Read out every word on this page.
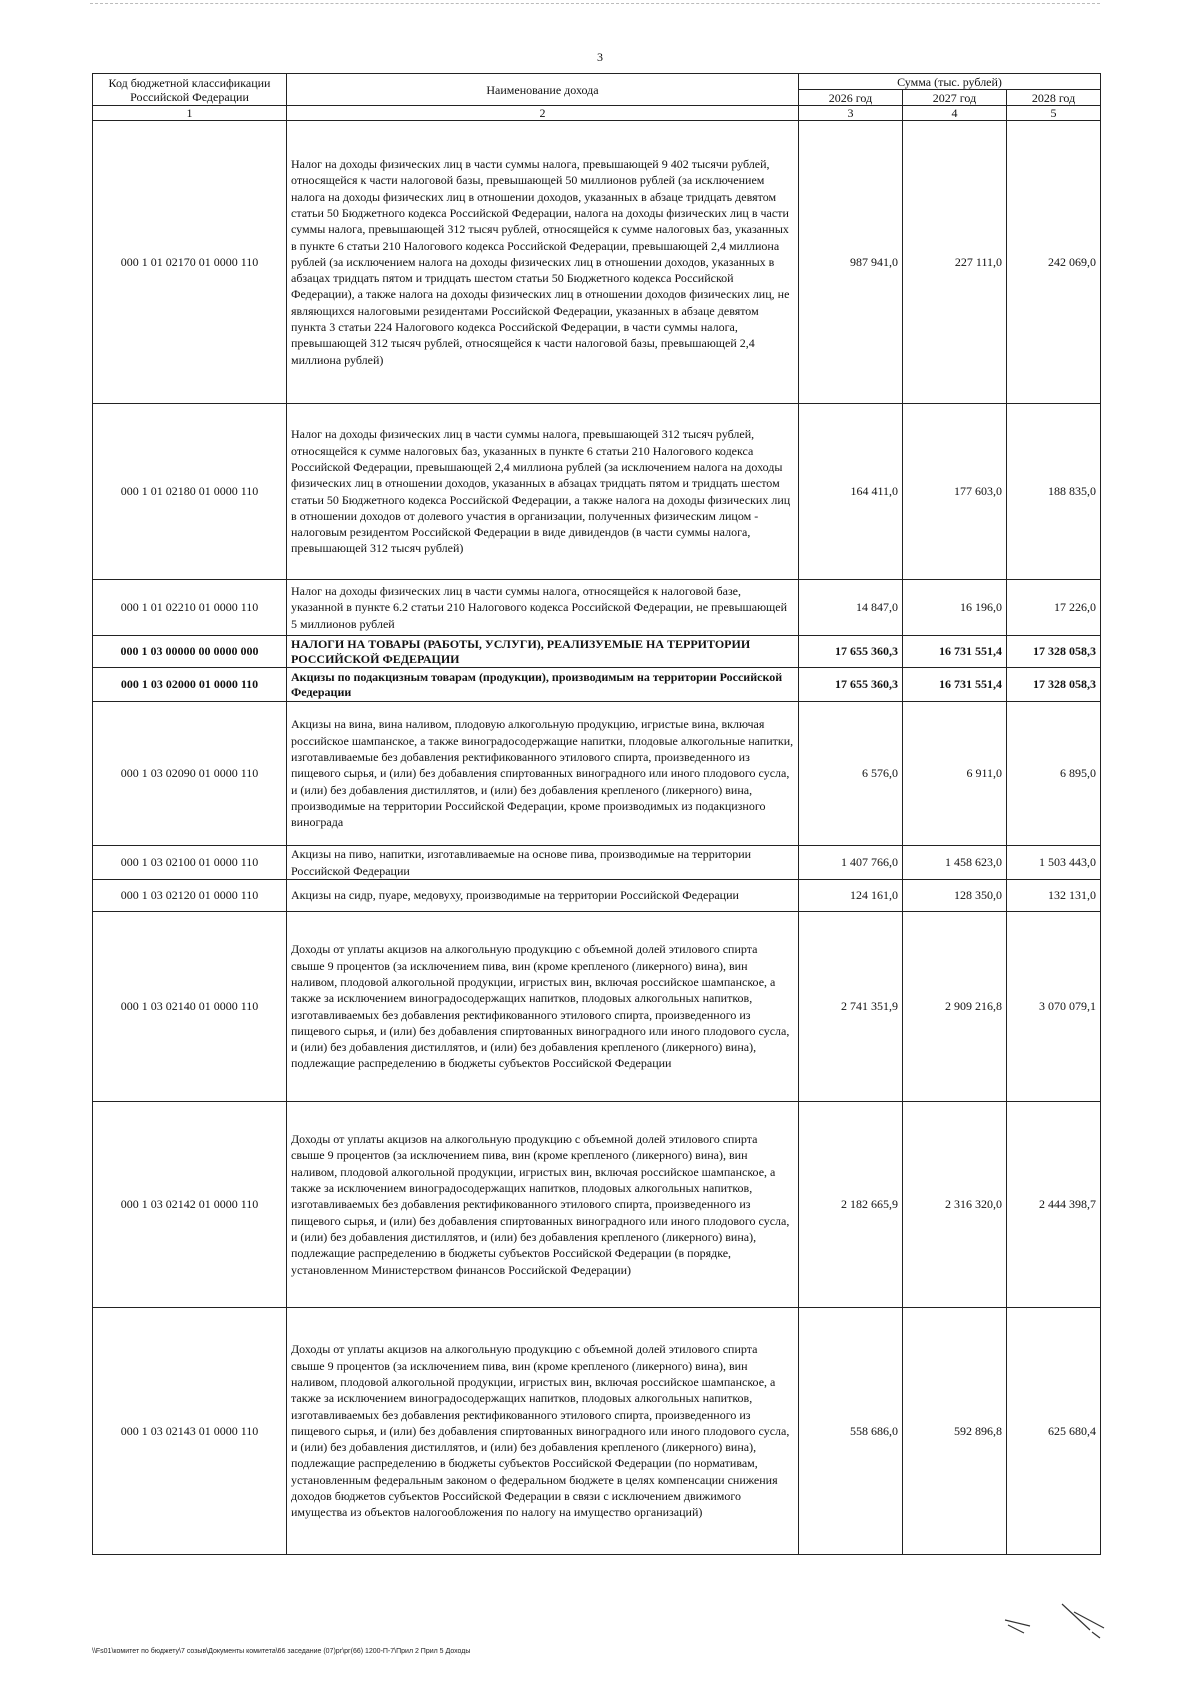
3
Код бюджетной классификации Российской Федерации	Наименование дохода	Сумма (тыс. рублей)		
		2026 год	2027 год	2028 год
1	2	3	4	5
000 1 01 02170 01 0000 110	Налог на доходы физических лиц в части суммы налога, превышающей 9 402 тысячи рублей, относящейся к части налоговой базы, превышающей 50 миллионов рублей (за исключением налога на доходы физических лиц в отношении доходов, указанных в абзаце тридцать девятом статьи 50 Бюджетного кодекса Российской Федерации, налога на доходы физических лиц в части суммы налога, превышающей 312 тысяч рублей, относящейся к сумме налоговых баз, указанных в пункте 6 статьи 210 Налогового кодекса Российской Федерации, превышающей 2,4 миллиона рублей (за исключением налога на доходы физических лиц в отношении доходов, указанных в абзацах тридцать пятом и тридцать шестом статьи 50 Бюджетного кодекса Российской Федерации), а также налога на доходы физических лиц в отношении доходов физических лиц, не являющихся налоговыми резидентами Российской Федерации, указанных в абзаце девятом пункта 3 статьи 224 Налогового кодекса Российской Федерации, в части суммы налога, превышающей 312 тысяч рублей, относящейся к части налоговой базы, превышающей 2,4 миллиона рублей)	987 941,0	227 111,0	242 069,0
000 1 01 02180 01 0000 110	Налог на доходы физических лиц в части суммы налога, превышающей 312 тысяч рублей, относящейся к сумме налоговых баз, указанных в пункте 6 статьи 210 Налогового кодекса Российской Федерации, превышающей 2,4 миллиона рублей (за исключением налога на доходы физических лиц в отношении доходов, указанных в абзацах тридцать пятом и тридцать шестом статьи 50 Бюджетного кодекса Российской Федерации, а также налога на доходы физических лиц в отношении доходов от долевого участия в организации, полученных физическим лицом - налоговым резидентом Российской Федерации в виде дивидендов (в части суммы налога, превышающей 312 тысяч рублей)	164 411,0	177 603,0	188 835,0
000 1 01 02210 01 0000 110	Налог на доходы физических лиц в части суммы налога, относящейся к налоговой базе, указанной в пункте 6.2 статьи 210 Налогового кодекса Российской Федерации, не превышающей 5 миллионов рублей	14 847,0	16 196,0	17 226,0
000 1 03 00000 00 0000 000	НАЛОГИ НА ТОВАРЫ (РАБОТЫ, УСЛУГИ), РЕАЛИЗУЕМЫЕ НА ТЕРРИТОРИИ РОССИЙСКОЙ ФЕДЕРАЦИИ	17 655 360,3	16 731 551,4	17 328 058,3
000 1 03 02000 01 0000 110	Акцизы по подакцизным товарам (продукции), производимым на территории Российской Федерации	17 655 360,3	16 731 551,4	17 328 058,3
000 1 03 02090 01 0000 110	Акцизы на вина, вина наливом, плодовую алкогольную продукцию, игристые вина, включая российское шампанское, а также виноградосодержащие напитки, плодовые алкогольные напитки, изготавливаемые без добавления ректификованного этилового спирта, произведенного из пищевого сырья, и (или) без добавления спиртованных виноградного или иного плодового сусла, и (или) без добавления дистиллятов, и (или) без добавления крепленого (ликерного) вина, производимые на территории Российской Федерации, кроме производимых из подакцизного винограда	6 576,0	6 911,0	6 895,0
000 1 03 02100 01 0000 110	Акцизы на пиво, напитки, изготавливаемые на основе пива, производимые на территории Российской Федерации	1 407 766,0	1 458 623,0	1 503 443,0
000 1 03 02120 01 0000 110	Акцизы на сидр, пуаре, медовуху, производимые на территории Российской Федерации	124 161,0	128 350,0	132 131,0
000 1 03 02140 01 0000 110	Доходы от уплаты акцизов на алкогольную продукцию с объемной долей этилового спирта свыше 9 процентов (за исключением пива, вин (кроме крепленого (ликерного) вина), вин наливом, плодовой алкогольной продукции, игристых вин, включая российское шампанское, а также за исключением виноградосодержащих напитков, плодовых алкогольных напитков, изготавливаемых без добавления ректификованного этилового спирта, произведенного из пищевого сырья, и (или) без добавления спиртованных виноградного или иного плодового сусла, и (или) без добавления дистиллятов, и (или) без добавления крепленого (ликерного) вина), подлежащие распределению в бюджеты субъектов Российской Федерации	2 741 351,9	2 909 216,8	3 070 079,1
000 1 03 02142 01 0000 110	Доходы от уплаты акцизов на алкогольную продукцию с объемной долей этилового спирта свыше 9 процентов (за исключением пива, вин (кроме крепленого (ликерного) вина), вин наливом, плодовой алкогольной продукции, игристых вин, включая российское шампанское, а также за исключением виноградосодержащих напитков, плодовых алкогольных напитков, изготавливаемых без добавления ректификованного этилового спирта, произведенного из пищевого сырья, и (или) без добавления спиртованных виноградного или иного плодового сусла, и (или) без добавления дистиллятов, и (или) без добавления крепленого (ликерного) вина), подлежащие распределению в бюджеты субъектов Российской Федерации (в порядке, установленном Министерством финансов Российской Федерации)	2 182 665,9	2 316 320,0	2 444 398,7
000 1 03 02143 01 0000 110	Доходы от уплаты акцизов на алкогольную продукцию с объемной долей этилового спирта свыше 9 процентов (за исключением пива, вин (кроме крепленого (ликерного) вина), вин наливом, плодовой алкогольной продукции, игристых вин, включая российское шампанское, а также за исключением виноградосодержащих напитков, плодовых алкогольных напитков, изготавливаемых без добавления ректификованного этилового спирта, произведенного из пищевого сырья, и (или) без добавления спиртованных виноградного или иного плодового сусла, и (или) без добавления дистиллятов, и (или) без добавления крепленого (ликерного) вина), подлежащие распределению в бюджеты субъектов Российской Федерации (по нормативам, установленным федеральным законом о федеральном бюджете в целях компенсации снижения доходов бюджетов субъектов Российской Федерации в связи с исключением движимого имущества из объектов налогообложения по налогу на имущество организаций)	558 686,0	592 896,8	625 680,4
\\Fs01\комитет по бюджету\7 созыв\Документы комитета\66 заседание (07)рг\рг(66) 1200-П-7\Прил 2 Прил 5 Доходы
